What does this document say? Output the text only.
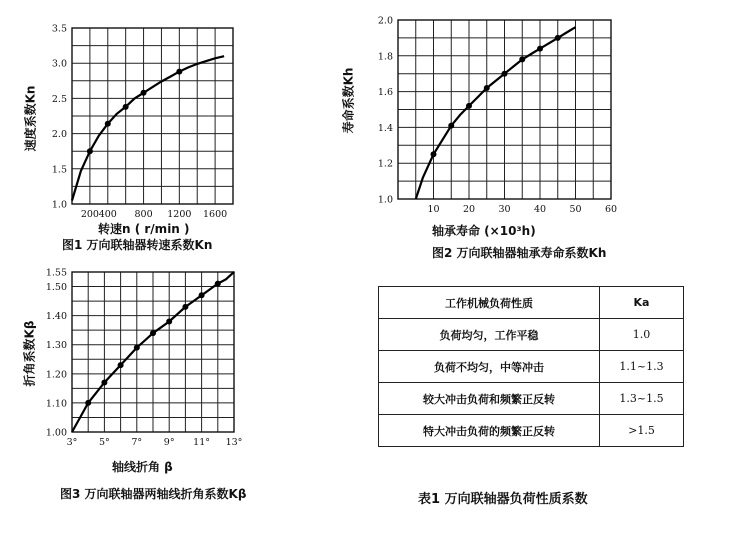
200 400 800 1200 1600
1.0
1.5
2.0
2.5
3.0
3.5
10 20 30 40 50 60
1.0
1.2
1.4
1.6
1.8
2.0
3° 5° 7° 9° 11° 13°
1.00
1.10
1.20
1.30
1.40
1.50
1.55
速度系数Kn
转速n ( r/min )
图1 万向联轴器转速系数Kn
寿命系数Kh
轴承寿命 (×10³h)
图2 万向联轴器轴承寿命系数Kh
折角系数Kβ
轴线折角 β
图3 万向联轴器两轴线折角系数Kβ
工作机械负荷性质	Ka
负荷均匀，工作平稳	1.0
负荷不均匀，中等冲击	1.1~1.3
较大冲击负荷和频繁正反转	1.3~1.5
特大冲击负荷的频繁正反转	>1.5
表1 万向联轴器负荷性质系数
